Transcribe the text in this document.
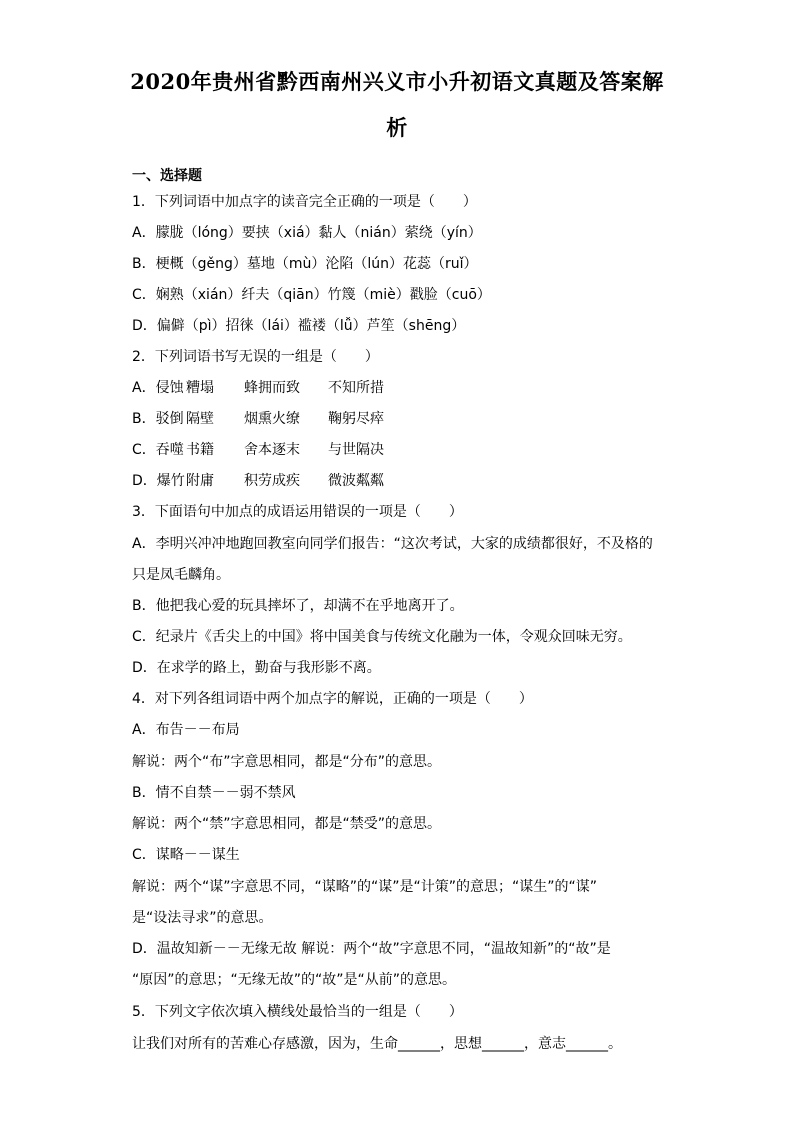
2020年贵州省黔西南州兴义市小升初语文真题及答案解
析
一、选择题
1．下列词语中加点字的读音完全正确的一项是（　　）
A．朦胧（lóng）要挟（xiá）黏人（nián）萦绕（yín）
B．梗概（gěng）墓地（mù）沦陷（lún）花蕊（ruǐ）
C．娴熟（xián）纤夫（qiān）竹篾（miè）戳脸（cuō）
D．偏僻（pì）招徕（lái）褴褛（lǚ）芦笙（shēng）
2．下列词语书写无误的一组是（　　）
A．侵蚀 糟塌 蜂拥而致 不知所措
B．驳倒 隔壁 烟熏火缭 鞠躬尽瘁
C．吞噬 书籍 舍本逐末 与世隔决
D．爆竹附庸 积劳成疾 微波粼粼
3．下面语句中加点的成语运用错误的一项是（　　）
A．李明兴冲冲地跑回教室向同学们报告：“这次考试，大家的成绩都很好，不及格的
只是凤毛麟角。
B．他把我心爱的玩具摔坏了，却满不在乎地离开了。
C．纪录片《舌尖上的中国》将中国美食与传统文化融为一体，令观众回味无穷。
D．在求学的路上，勤奋与我形影不离。
4．对下列各组词语中两个加点字的解说，正确的一项是（　　）
A．布告－－布局
解说：两个“布”字意思相同，都是“分布”的意思。
B．情不自禁－－弱不禁风
解说：两个“禁”字意思相同，都是“禁受”的意思。
C．谋略－－谋生
解说：两个“谋”字意思不同，“谋略”的“谋”是“计策”的意思；“谋生”的“谋”
是“设法寻求”的意思。
D．温故知新－－无缘无故 解说：两个“故”字意思不同，“温故知新”的“故”是
“原因”的意思；“无缘无故”的“故”是“从前”的意思。
5．下列文字依次填入横线处最恰当的一组是（　　）
让我们对所有的苦难心存感激，因为，生命______，思想______，意志______。
